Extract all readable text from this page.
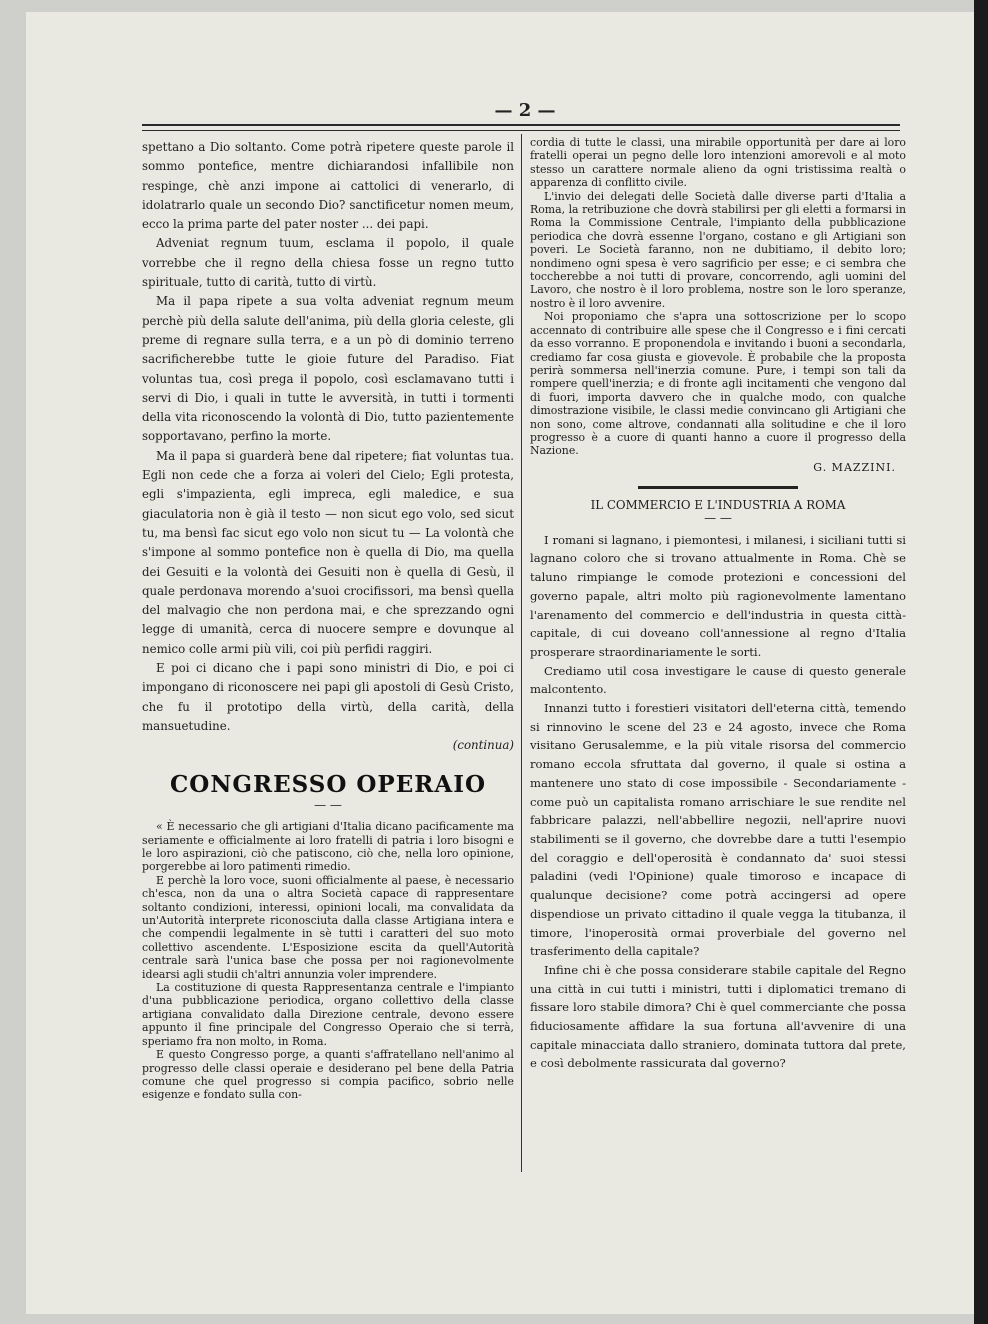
— 2 —

spettano a Dio soltanto. Come potrà ripetere queste parole il sommo pontefice, mentre dichiarandosi infallibile non respinge, chè anzi impone ai cattolici di venerarlo, di idolatrarlo quale un secondo Dio? sanctificetur nomen meum, ecco la prima parte del pater noster ... dei papi.

Adveniat regnum tuum, esclama il popolo, il quale vorrebbe che il regno della chiesa fosse un regno tutto spirituale, tutto di carità, tutto di virtù.

Ma il papa ripete a sua volta adveniat regnum meum perchè più della salute dell'anima, più della gloria celeste, gli preme di regnare sulla terra, e a un pò di dominio terreno sacrificherebbe tutte le gioie future del Paradiso. Fiat voluntas tua, così prega il popolo, così esclamavano tutti i servi di Dio, i quali in tutte le avversità, in tutti i tormenti della vita riconoscendo la volontà di Dio, tutto pazientemente sopportavano, perfino la morte.

Ma il papa si guarderà bene dal ripetere; fiat voluntas tua. Egli non cede che a forza ai voleri del Cielo; Egli protesta, egli s'impazienta, egli impreca, egli maledice, e sua giaculatoria non è già il testo — non sicut ego volo, sed sicut tu, ma bensì fac sicut ego volo non sicut tu — La volontà che s'impone al sommo pontefice non è quella di Dio, ma quella dei Gesuiti e la volontà dei Gesuiti non è quella di Gesù, il quale perdonava morendo a'suoi crocifissori, ma bensì quella del malvagio che non perdona mai, e che sprezzando ogni legge di umanità, cerca di nuocere sempre e dovunque al nemico colle armi più vili, coi più perfidi raggiri.

E poi ci dicano che i papi sono ministri di Dio, e poi ci impongano di riconoscere nei papi gli apostoli di Gesù Cristo, che fu il prototipo della virtù, della carità, della mansuetudine.

(continua)

CONGRESSO OPERAIO
— —

« È necessario che gli artigiani d'Italia dicano pacificamente ma seriamente e officialmente ai loro fratelli di patria i loro bisogni e le loro aspirazioni, ciò che patiscono, ciò che, nella loro opinione, porgerebbe ai loro patimenti rimedio.

E perchè la loro voce, suoni officialmente al paese, è necessario ch'esca, non da una o altra Società capace di rappresentare soltanto condizioni, interessi, opinioni locali, ma convalidata da un'Autorità interprete riconosciuta dalla classe Artigiana intera e che compendii legalmente in sè tutti i caratteri del suo moto collettivo ascendente. L'Esposizione escita da quell'Autorità centrale sarà l'unica base che possa per noi ragionevolmente idearsi agli studii ch'altri annunzia voler imprendere.

La costituzione di questa Rappresentanza centrale e l'impianto d'una pubblicazione periodica, organo collettivo della classe artigiana convalidato dalla Direzione centrale, devono essere appunto il fine principale del Congresso Operaio che si terrà, speriamo fra non molto, in Roma.

E questo Congresso porge, a quanti s'affratellano nell'animo al progresso delle classi operaie e desiderano pel bene della Patria comune che quel progresso si compia pacifico, sobrio nelle esigenze e fondato sulla con-

cordia di tutte le classi, una mirabile opportunità per dare ai loro fratelli operai un pegno delle loro intenzioni amorevoli e al moto stesso un carattere normale alieno da ogni tristissima realtà o apparenza di conflitto civile.

L'invio dei delegati delle Società dalle diverse parti d'Italia a Roma, la retribuzione che dovrà stabilirsi per gli eletti a formarsi in Roma la Commissione Centrale, l'impianto della pubblicazione periodica che dovrà essenne l'organo, costano e gli Artigiani son poveri. Le Società faranno, non ne dubitiamo, il debito loro; nondimeno ogni spesa è vero sagrificio per esse; e ci sembra che toccherebbe a noi tutti di provare, concorrendo, agli uomini del Lavoro, che nostro è il loro problema, nostre son le loro speranze, nostro è il loro avvenire.

Noi proponiamo che s'apra una sottoscrizione per lo scopo accennato di contribuire alle spese che il Congresso e i fini cercati da esso vorranno. E proponendola e invitando i buoni a secondarla, crediamo far cosa giusta e giovevole. È probabile che la proposta perirà sommersa nell'inerzia comune. Pure, i tempi son tali da rompere quell'inerzia; e di fronte agli incitamenti che vengono dal di fuori, importa davvero che in qualche modo, con qualche dimostrazione visibile, le classi medie convincano gli Artigiani che non sono, come altrove, condannati alla solitudine e che il loro progresso è a cuore di quanti hanno a cuore il progresso della Nazione.

G. MAZZINI.
IL COMMERCIO E L'INDUSTRIA A ROMA
— —

I romani si lagnano, i piemontesi, i milanesi, i siciliani tutti si lagnano coloro che si trovano attualmente in Roma. Chè se taluno rimpiange le comode protezioni e concessioni del governo papale, altri molto più ragionevolmente lamentano l'arenamento del commercio e dell'industria in questa città-capitale, di cui doveano coll'annessione al regno d'Italia prosperare straordinariamente le sorti.

Crediamo util cosa investigare le cause di questo generale malcontento.

Innanzi tutto i forestieri visitatori dell'eterna città, temendo si rinnovino le scene del 23 e 24 agosto, invece che Roma visitano Gerusalemme, e la più vitale risorsa del commercio romano eccola sfruttata dal governo, il quale si ostina a mantenere uno stato di cose impossibile - Secondariamente - come può un capitalista romano arrischiare le sue rendite nel fabbricare palazzi, nell'abbellire negozii, nell'aprire nuovi stabilimenti se il governo, che dovrebbe dare a tutti l'esempio del coraggio e dell'operosità è condannato da' suoi stessi paladini (vedi l'Opinione) quale timoroso e incapace di qualunque decisione? come potrà accingersi ad opere dispendiose un privato cittadino il quale vegga la titubanza, il timore, l'inoperosità ormai proverbiale del governo nel trasferimento della capitale?

Infine chi è che possa considerare stabile capitale del Regno una città in cui tutti i ministri, tutti i diplomatici tremano di fissare loro stabile dimora? Chi è quel commerciante che possa fiduciosamente affidare la sua fortuna all'avvenire di una capitale minacciata dallo straniero, dominata tuttora dal prete, e così debolmente rassicurata dal governo?
